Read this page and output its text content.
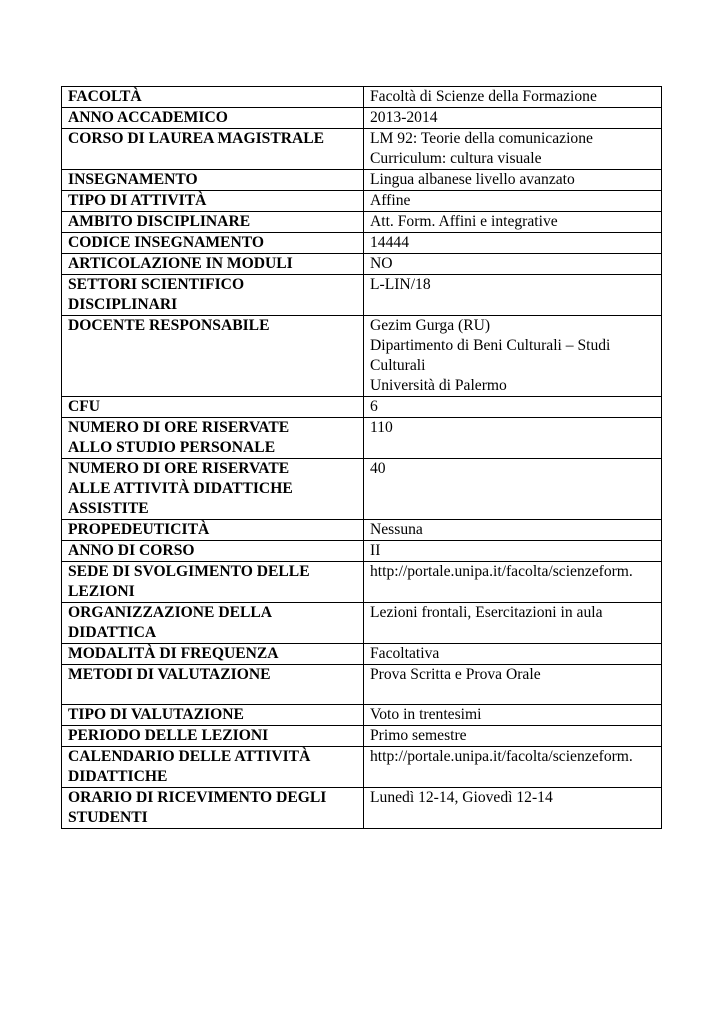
FACOLTÀ	Facoltà di Scienze della Formazione

ANNO ACCADEMICO	2013-2014

CORSO DI LAUREA MAGISTRALE	LM 92: Teorie della comunicazione
Curriculum: cultura visuale

INSEGNAMENTO	Lingua albanese livello avanzato

TIPO DI ATTIVITÀ	Affine

AMBITO DISCIPLINARE	Att. Form. Affini e integrative

CODICE INSEGNAMENTO	14444

ARTICOLAZIONE IN MODULI	NO

SETTORI SCIENTIFICO
DISCIPLINARI	L-LIN/18

DOCENTE RESPONSABILE	Gezim Gurga (RU)
Dipartimento di Beni Culturali – Studi
Culturali
Università di Palermo

CFU	6

NUMERO DI ORE RISERVATE
ALLO STUDIO PERSONALE	110

NUMERO DI ORE RISERVATE
ALLE ATTIVITÀ DIDATTICHE
ASSISTITE	40

PROPEDEUTICITÀ	Nessuna

ANNO DI CORSO	II

SEDE DI SVOLGIMENTO DELLE
LEZIONI	http://portale.unipa.it/facolta/scienzeform.

ORGANIZZAZIONE DELLA
DIDATTICA	Lezioni frontali, Esercitazioni in aula

MODALITÀ DI FREQUENZA	Facoltativa

METODI DI VALUTAZIONE	Prova Scritta e Prova Orale

TIPO DI VALUTAZIONE	Voto in trentesimi

PERIODO DELLE LEZIONI	Primo semestre

CALENDARIO DELLE ATTIVITÀ
DIDATTICHE	http://portale.unipa.it/facolta/scienzeform.

ORARIO DI RICEVIMENTO DEGLI
STUDENTI	Lunedì 12-14, Giovedì 12-14
